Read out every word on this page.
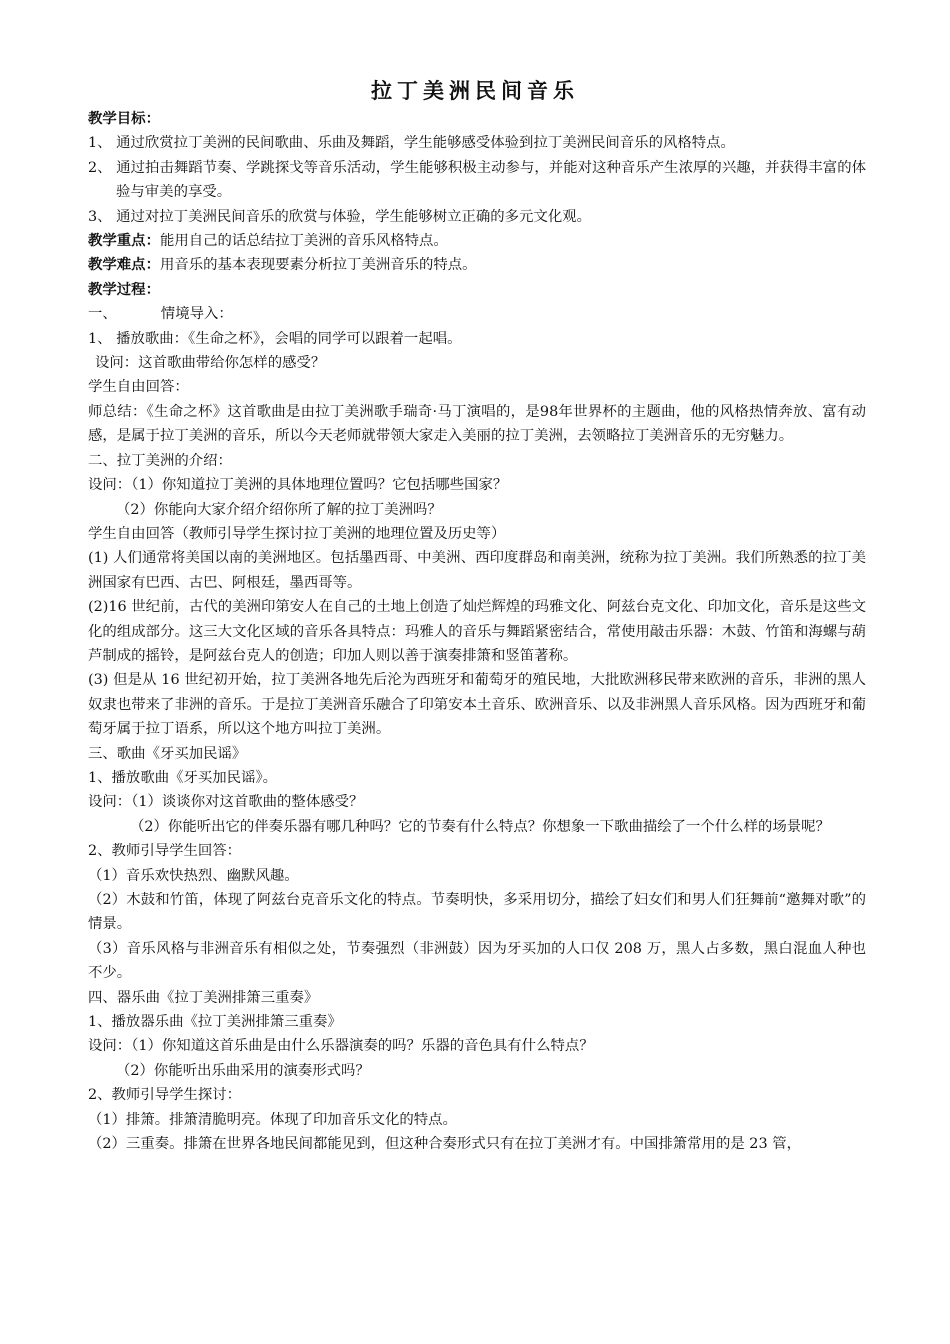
拉丁美洲民间音乐

教学目标：

1、 通过欣赏拉丁美洲的民间歌曲、乐曲及舞蹈，学生能够感受体验到拉丁美洲民间音乐的风格特点。

2、 通过拍击舞蹈节奏、学跳探戈等音乐活动，学生能够积极主动参与，并能对这种音乐产生浓厚的兴趣，并获得丰富的体验与审美的享受。

3、 通过对拉丁美洲民间音乐的欣赏与体验，学生能够树立正确的多元文化观。

教学重点：能用自己的话总结拉丁美洲的音乐风格特点。

教学难点：用音乐的基本表现要素分析拉丁美洲音乐的特点。

教学过程：

一、	情境导入：

1、 播放歌曲：《生命之杯》，会唱的同学可以跟着一起唱。

设问：这首歌曲带给你怎样的感受？

学生自由回答：

师总结：《生命之杯》这首歌曲是由拉丁美洲歌手瑞奇·马丁演唱的，是98年世界杯的主题曲，他的风格热情奔放、富有动感，是属于拉丁美洲的音乐，所以今天老师就带领大家走入美丽的拉丁美洲，去领略拉丁美洲音乐的无穷魅力。

二、拉丁美洲的介绍：

设问：（1）你知道拉丁美洲的具体地理位置吗？它包括哪些国家？

（2）你能向大家介绍介绍你所了解的拉丁美洲吗？

学生自由回答（教师引导学生探讨拉丁美洲的地理位置及历史等）

(1) 人们通常将美国以南的美洲地区。包括墨西哥、中美洲、西印度群岛和南美洲，统称为拉丁美洲。我们所熟悉的拉丁美洲国家有巴西、古巴、阿根廷，墨西哥等。

(2)16 世纪前，古代的美洲印第安人在自己的土地上创造了灿烂辉煌的玛雅文化、阿兹台克文化、印加文化，音乐是这些文化的组成部分。这三大文化区域的音乐各具特点：玛雅人的音乐与舞蹈紧密结合，常使用敲击乐器：木鼓、竹笛和海螺与葫芦制成的摇铃，是阿兹台克人的创造；印加人则以善于演奏排箫和竖笛著称。

(3) 但是从 16 世纪初开始，拉丁美洲各地先后沦为西班牙和葡萄牙的殖民地，大批欧洲移民带来欧洲的音乐，非洲的黑人奴隶也带来了非洲的音乐。于是拉丁美洲音乐融合了印第安本土音乐、欧洲音乐、以及非洲黑人音乐风格。因为西班牙和葡萄牙属于拉丁语系，所以这个地方叫拉丁美洲。

三、歌曲《牙买加民谣》

1、播放歌曲《牙买加民谣》。

设问：（1）谈谈你对这首歌曲的整体感受？

（2）你能听出它的伴奏乐器有哪几种吗？它的节奏有什么特点？你想象一下歌曲描绘了一个什么样的场景呢？

2、教师引导学生回答：

（1）音乐欢快热烈、幽默风趣。

（2）木鼓和竹笛，体现了阿兹台克音乐文化的特点。节奏明快，多采用切分，描绘了妇女们和男人们狂舞前“邀舞对歌”的情景。

（3）音乐风格与非洲音乐有相似之处，节奏强烈（非洲鼓）因为牙买加的人口仅 208 万，黑人占多数，黑白混血人种也不少。

四、器乐曲《拉丁美洲排箫三重奏》

1、播放器乐曲《拉丁美洲排箫三重奏》

设问：（1）你知道这首乐曲是由什么乐器演奏的吗？乐器的音色具有什么特点？

（2）你能听出乐曲采用的演奏形式吗？

2、教师引导学生探讨：

（1）排箫。排箫清脆明亮。体现了印加音乐文化的特点。

（2）三重奏。排箫在世界各地民间都能见到，但这种合奏形式只有在拉丁美洲才有。中国排箫常用的是 23 管，
